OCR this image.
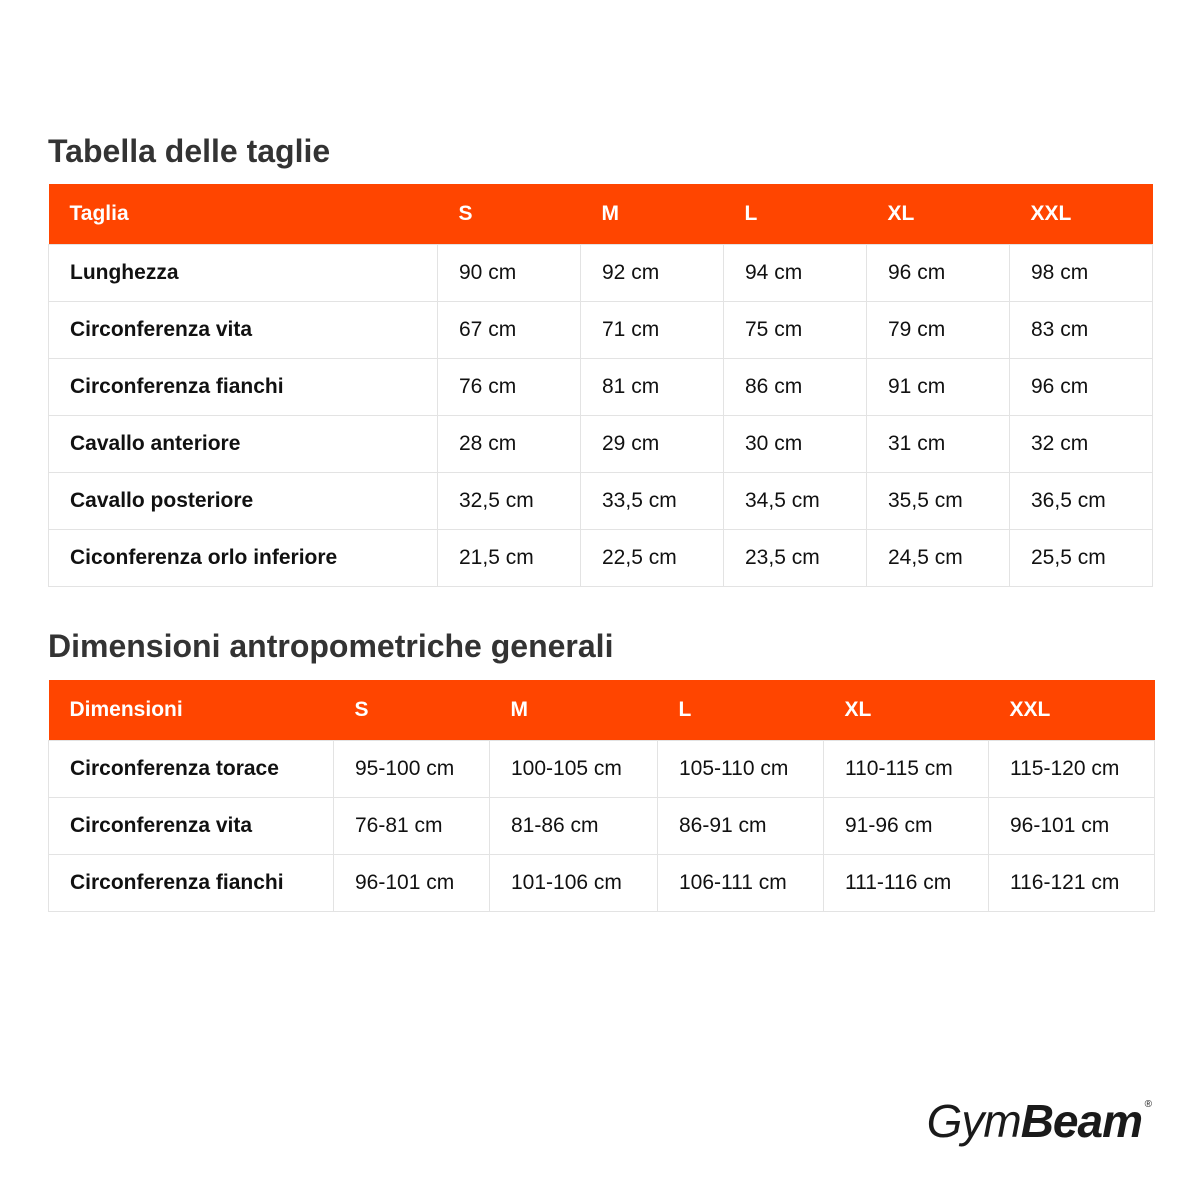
Tabella delle taglie
Taglia	S	M	L	XL	XXL
Lunghezza	90 cm	92 cm	94 cm	96 cm	98 cm
Circonferenza vita	67 cm	71 cm	75 cm	79 cm	83 cm
Circonferenza fianchi	76 cm	81 cm	86 cm	91 cm	96 cm
Cavallo anteriore	28 cm	29 cm	30 cm	31 cm	32 cm
Cavallo posteriore	32,5 cm	33,5 cm	34,5 cm	35,5 cm	36,5 cm
Ciconferenza orlo inferiore	21,5 cm	22,5 cm	23,5 cm	24,5 cm	25,5 cm
Dimensioni antropometriche generali
Dimensioni	S	M	L	XL	XXL
Circonferenza torace	95-100 cm	100-105 cm	105-110 cm	110-115 cm	115-120 cm
Circonferenza vita	76-81 cm	81-86 cm	86-91 cm	91-96 cm	96-101 cm
Circonferenza fianchi	96-101 cm	101-106 cm	106-111 cm	111-116 cm	116-121 cm
GymBeam ®
